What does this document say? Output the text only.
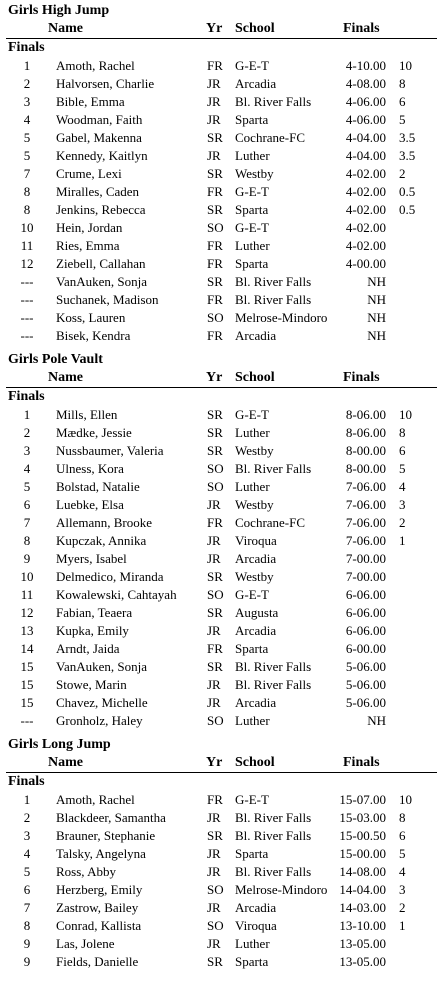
Girls High Jump
Name	Yr School	Finals
Finals
1	Amoth, Rachel	FR G-E-T	4-10.00 10
2	Halvorsen, Charlie	JR Arcadia	4-08.00 8
3	Bible, Emma	JR Bl. River Falls	4-06.00 6
4	Woodman, Faith	JR Sparta	4-06.00 5
5	Gabel, Makenna	SR Cochrane-FC	4-04.00 3.5
5	Kennedy, Kaitlyn	JR Luther	4-04.00 3.5
7	Crume, Lexi	SR Westby	4-02.00 2
8	Miralles, Caden	FR G-E-T	4-02.00 0.5
8	Jenkins, Rebecca	SR Sparta	4-02.00 0.5
10	Hein, Jordan	SO G-E-T	4-02.00
11	Ries, Emma	FR Luther	4-02.00
12	Ziebell, Callahan	FR Sparta	4-00.00
---	VanAuken, Sonja	SR Bl. River Falls	NH
---	Suchanek, Madison	FR Bl. River Falls	NH
---	Koss, Lauren	SO Melrose-Mindoro	NH
---	Bisek, Kendra	FR Arcadia	NH
Girls Pole Vault
Name	Yr School	Finals
Finals
1	Mills, Ellen	SR G-E-T	8-06.00 10
2	Mædke, Jessie	SR Luther	8-06.00 8
3	Nussbaumer, Valeria	SR Westby	8-00.00 6
4	Ulness, Kora	SO Bl. River Falls	8-00.00 5
5	Bolstad, Natalie	SO Luther	7-06.00 4
6	Luebke, Elsa	JR Westby	7-06.00 3
7	Allemann, Brooke	FR Cochrane-FC	7-06.00 2
8	Kupczak, Annika	JR Viroqua	7-06.00 1
9	Myers, Isabel	JR Arcadia	7-00.00
10	Delmedico, Miranda	SR Westby	7-00.00
11	Kowalewski, Cahtayah SO G-E-T	6-06.00
12	Fabian, Teaera	SR Augusta	6-06.00
13	Kupka, Emily	JR Arcadia	6-06.00
14	Arndt, Jaida	FR Sparta	6-00.00
15	VanAuken, Sonja	SR Bl. River Falls	5-06.00
15	Stowe, Marin	JR Bl. River Falls	5-06.00
15	Chavez, Michelle	JR Arcadia	5-06.00
---	Gronholz, Haley	SO Luther	NH
Girls Long Jump
Name	Yr School	Finals
Finals
1	Amoth, Rachel	FR G-E-T	15-07.00 10
2	Blackdeer, Samantha	JR Bl. River Falls	15-03.00 8
3	Brauner, Stephanie	SR Bl. River Falls	15-00.50 6
4	Talsky, Angelyna	JR Sparta	15-00.00 5
5	Ross, Abby	JR Bl. River Falls	14-08.00 4
6	Herzberg, Emily	SO Melrose-Mindoro 14-04.00 3
7	Zastrow, Bailey	JR Arcadia	14-03.00 2
8	Conrad, Kallista	SO Viroqua	13-10.00 1
9	Las, Jolene	JR Luther	13-05.00
9	Fields, Danielle	SR Sparta	13-05.00
